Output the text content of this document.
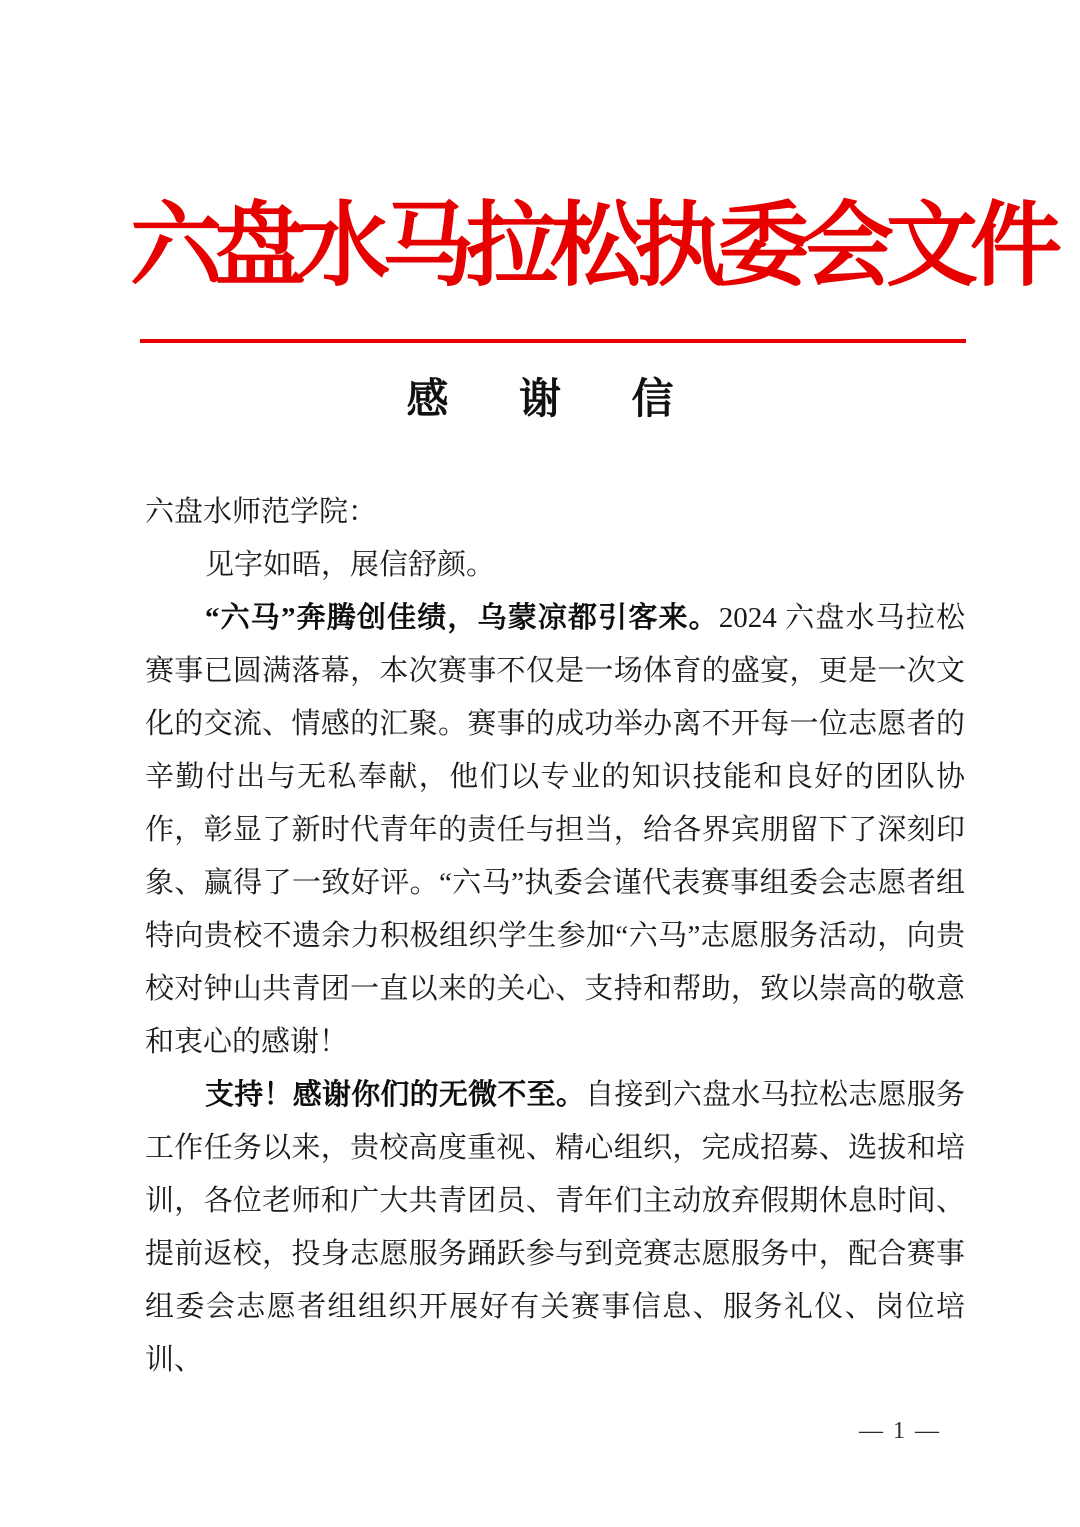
六盘水马拉松执委会文件
感 谢 信

六盘水师范学院：

见字如晤，展信舒颜。

“六马”奔腾创佳绩，乌蒙凉都引客来。2024 六盘水马拉松赛事已圆满落幕，本次赛事不仅是一场体育的盛宴，更是一次文化的交流、情感的汇聚。赛事的成功举办离不开每一位志愿者的辛勤付出与无私奉献，他们以专业的知识技能和良好的团队协作，彰显了新时代青年的责任与担当，给各界宾朋留下了深刻印象、赢得了一致好评。“六马”执委会谨代表赛事组委会志愿者组特向贵校不遗余力积极组织学生参加“六马”志愿服务活动，向贵校对钟山共青团一直以来的关心、支持和帮助，致以崇高的敬意和衷心的感谢！

支持！感谢你们的无微不至。自接到六盘水马拉松志愿服务工作任务以来，贵校高度重视、精心组织，完成招募、选拔和培训，各位老师和广大共青团员、青年们主动放弃假期休息时间、提前返校，投身志愿服务踊跃参与到竞赛志愿服务中，配合赛事组委会志愿者组组织开展好有关赛事信息、服务礼仪、岗位培训、

— 1 —
